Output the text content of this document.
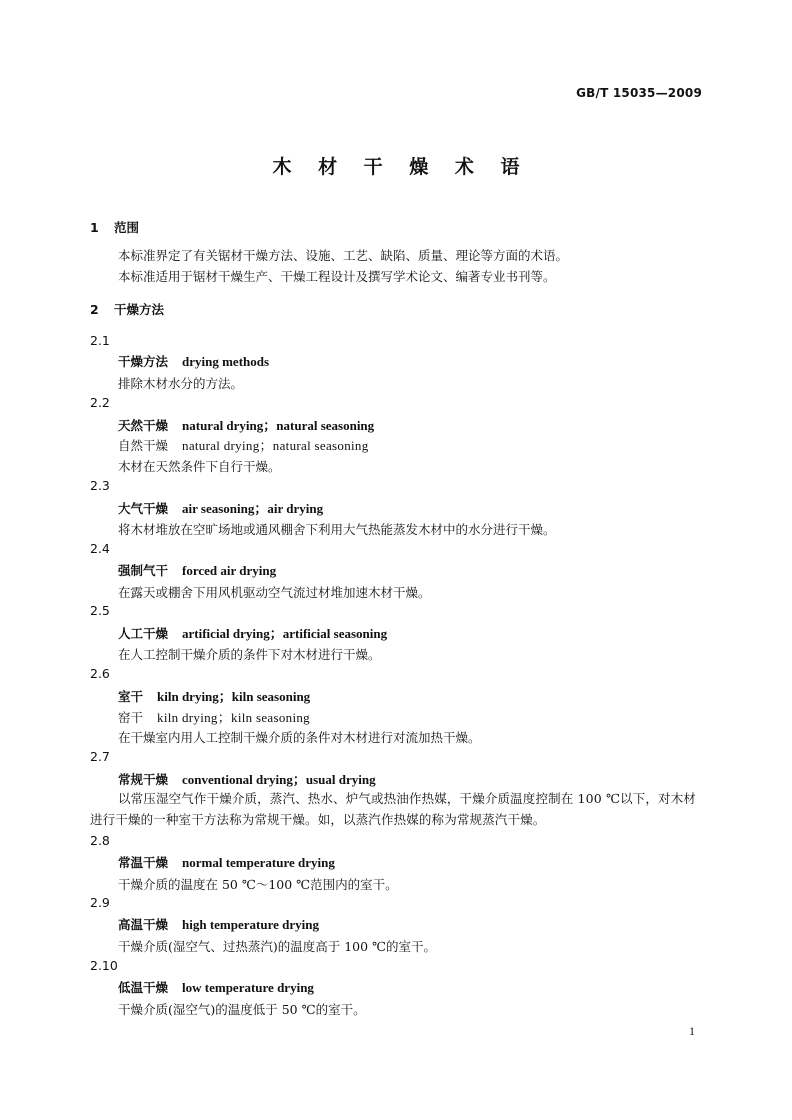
GB/T 15035—2009
木 材 干 燥 术 语
1 范围
本标准界定了有关锯材干燥方法、设施、工艺、缺陷、质量、理论等方面的术语。
本标准适用于锯材干燥生产、干燥工程设计及撰写学术论文、编著专业书刊等。
2 干燥方法
2.1
干燥方法 drying methods
排除木材水分的方法。
2.2
天然干燥 natural drying；natural seasoning
自然干燥 natural drying；natural seasoning
木材在天然条件下自行干燥。
2.3
大气干燥 air seasoning；air drying
将木材堆放在空旷场地或通风棚舍下利用大气热能蒸发木材中的水分进行干燥。
2.4
强制气干 forced air drying
在露天或棚舍下用风机驱动空气流过材堆加速木材干燥。
2.5
人工干燥 artificial drying；artificial seasoning
在人工控制干燥介质的条件下对木材进行干燥。
2.6
室干 kiln drying；kiln seasoning
窑干 kiln drying；kiln seasoning
在干燥室内用人工控制干燥介质的条件对木材进行对流加热干燥。
2.7
常规干燥 conventional drying；usual drying
以常压湿空气作干燥介质，蒸汽、热水、炉气或热油作热媒，干燥介质温度控制在 100 ℃以下，对木材进行干燥的一种室干方法称为常规干燥。如，以蒸汽作热媒的称为常规蒸汽干燥。
2.8
常温干燥 normal temperature drying
干燥介质的温度在 50 ℃～100 ℃范围内的室干。
2.9
高温干燥 high temperature drying
干燥介质(湿空气、过热蒸汽)的温度高于 100 ℃的室干。
2.10
低温干燥 low temperature drying
干燥介质(湿空气)的温度低于 50 ℃的室干。
1
